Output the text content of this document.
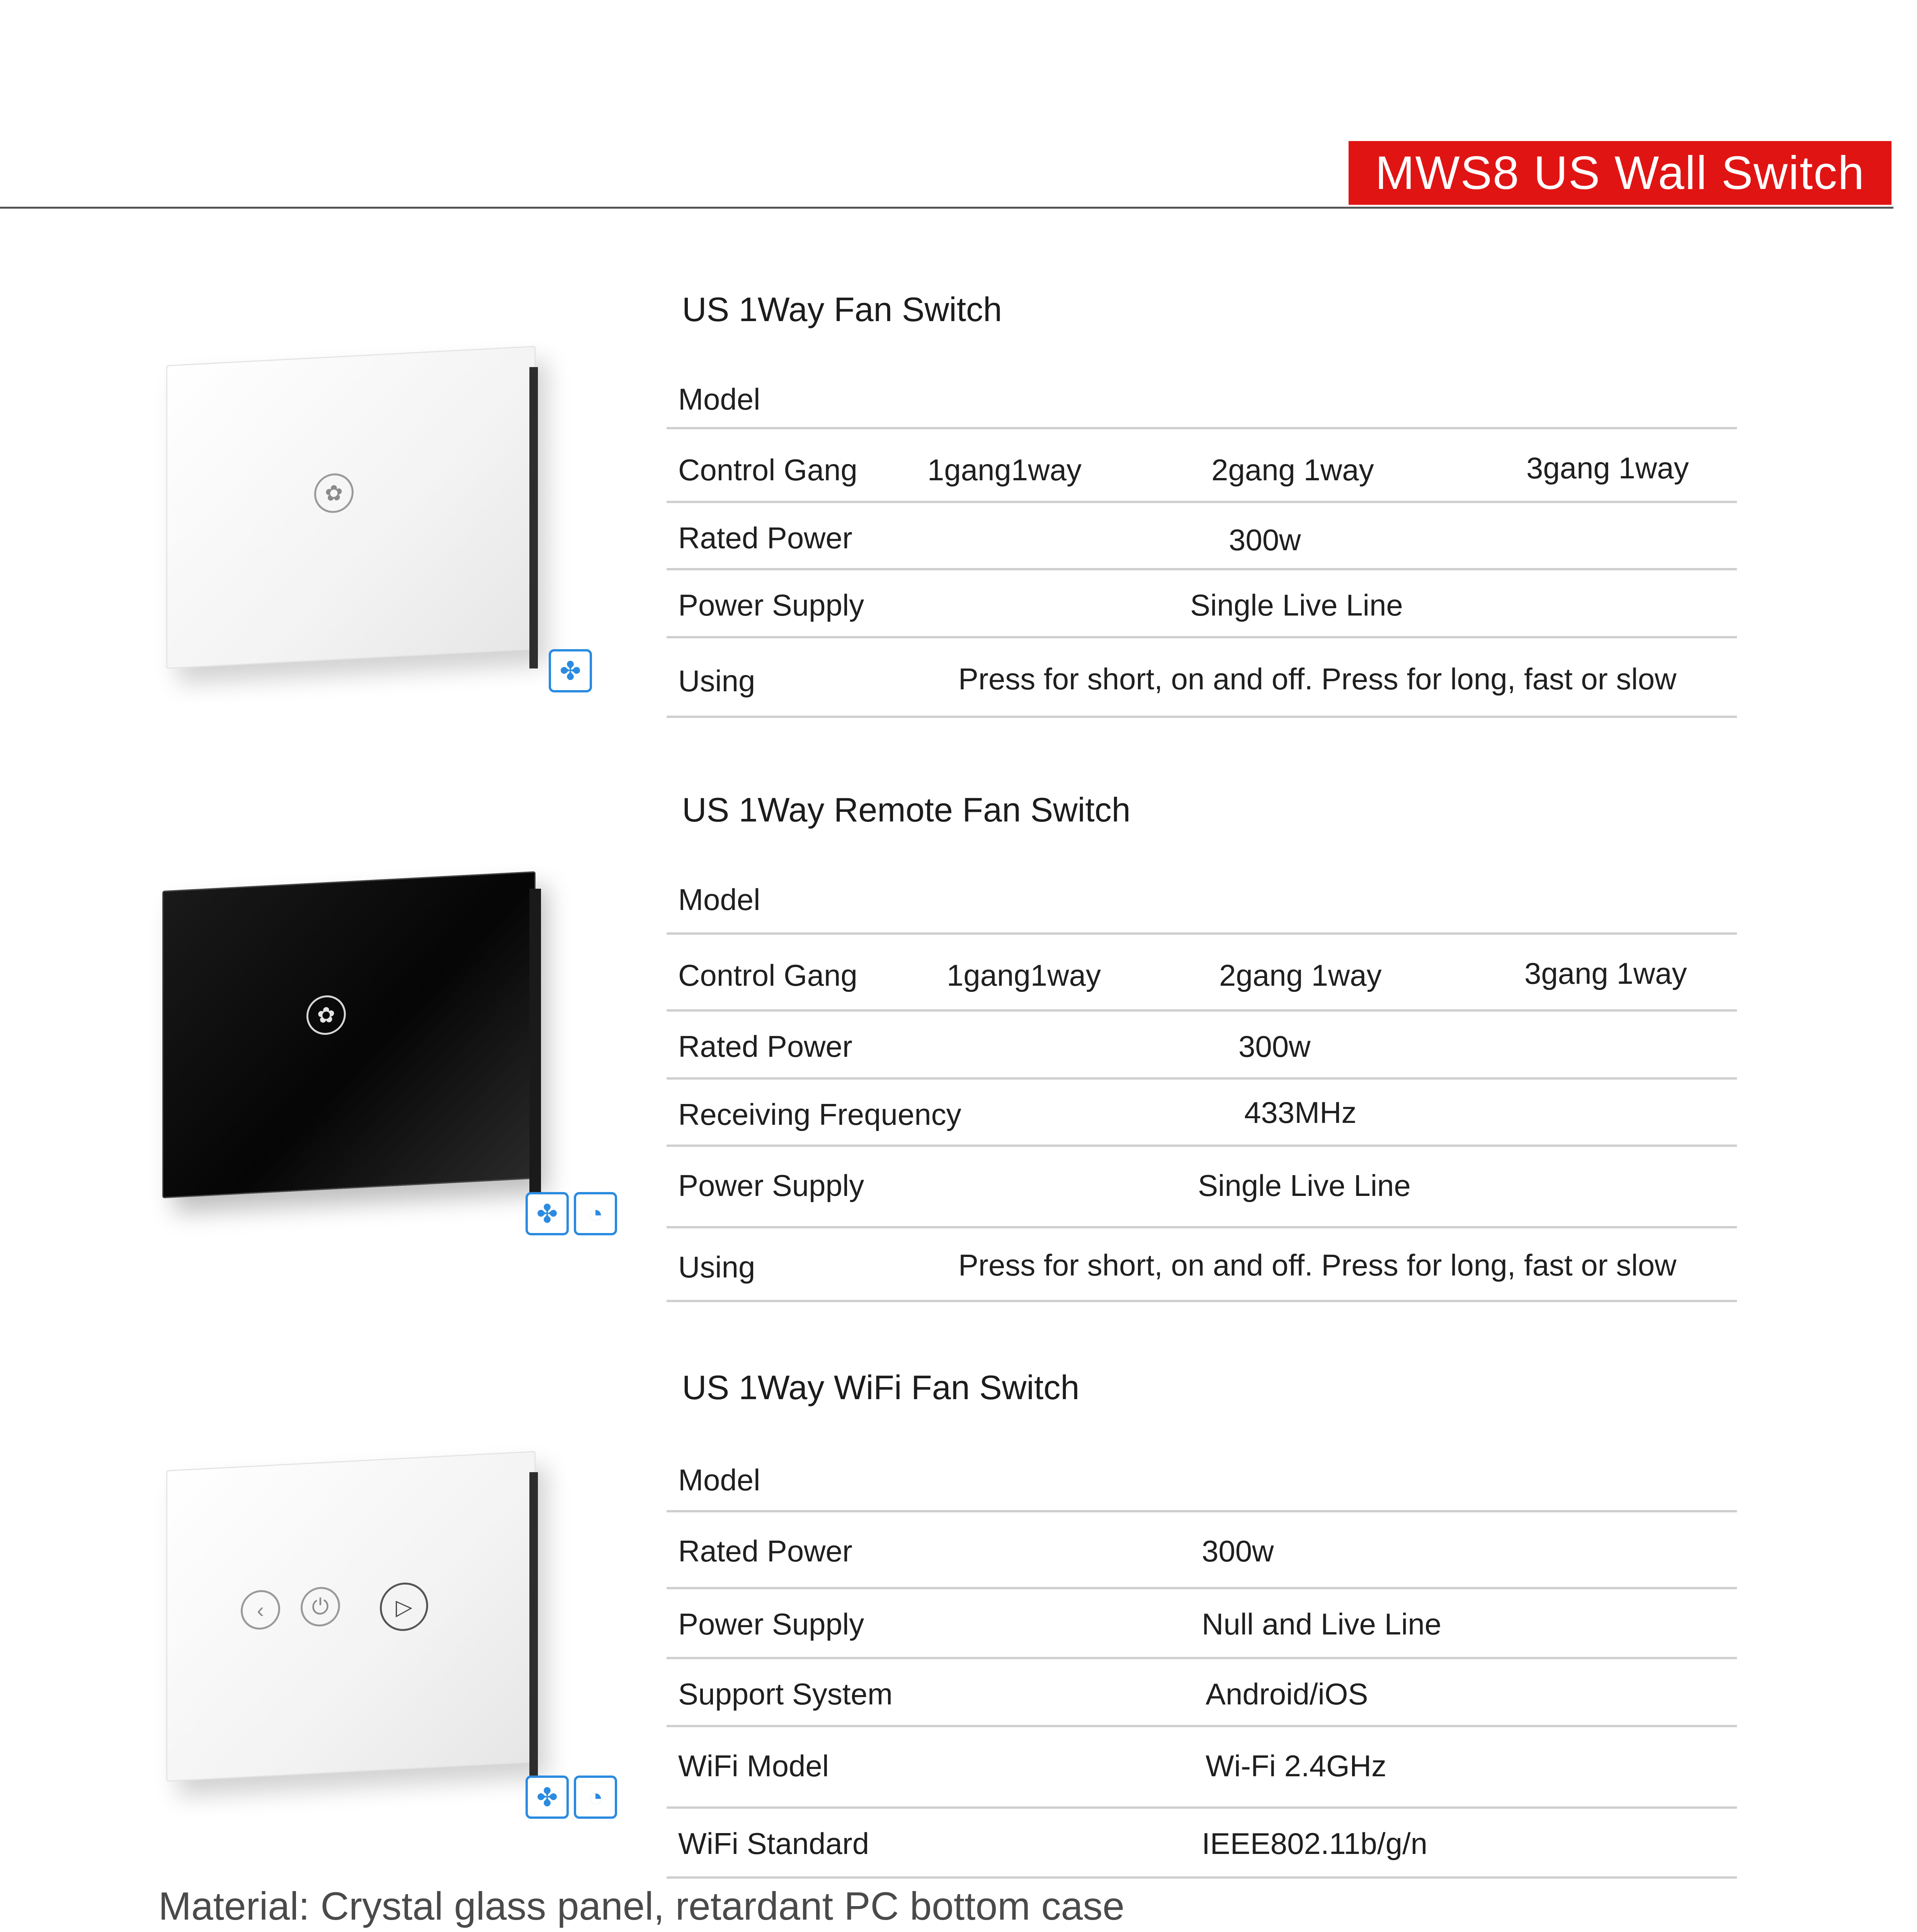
MWS8 US Wall Switch
✿
✤
US 1Way Fan Switch
Model
Control Gang 1gang1way	2gang 1way	3gang 1way
Rated Power	300w
Power Supply	Single Live Line
Using	Press for short, on and off. Press for long, fast or slow
✿
✤	◔
US 1Way Remote Fan Switch
Model
Control Gang	1gang1way	2gang 1way	3gang 1way
Rated Power	300w
Receiving Frequency	433MHz
Power Supply	Single Live Line
Using	Press for short, on and off. Press for long, fast or slow
‹	⏻	▷
✤	◔
US 1Way WiFi Fan Switch
Model
Rated Power	300w
Power Supply	Null and Live Line
Support System	Android/iOS
WiFi Model	Wi-Fi 2.4GHz
WiFi Standard	IEEE802.11b/g/n
Material: Crystal glass panel, retardant PC bottom case
